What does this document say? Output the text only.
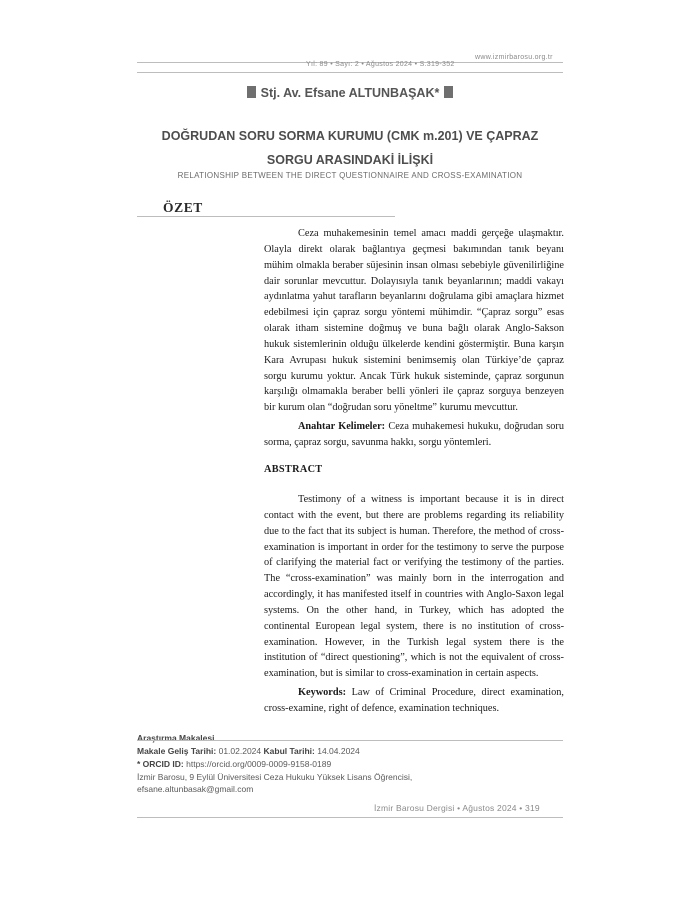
www.izmirbarosu.org.tr
Yıl: 89 • Sayı: 2 • Ağustos 2024 • S.319-352
Stj. Av. Efsane ALTUNBAŞAK*
DOĞRUDAN SORU SORMA KURUMU (CMK m.201) VE ÇAPRAZ
SORGU ARASINDAKİ İLİŞKİ
RELATIONSHIP BETWEEN THE DIRECT QUESTIONNAIRE AND CROSS-EXAMINATION
ÖZET
Ceza muhakemesinin temel amacı maddi gerçeğe ulaşmaktır. Olayla direkt olarak bağlantıya geçmesi bakımından tanık beyanı mühim olmakla beraber süjesinin insan olması sebebiyle güvenilirliğine dair sorunlar mevcuttur. Dolayısıyla tanık beyanlarının; maddi vakayı aydınlatma yahut tarafların beyanlarını doğrulama gibi amaçlara hizmet edebilmesi için çapraz sorgu yöntemi mühimdir. “Çapraz sorgu” esas olarak itham sistemine doğmuş ve buna bağlı olarak Anglo-Sakson hukuk sistemlerinin olduğu ülkelerde kendini göstermiştir. Buna karşın Kara Avrupası hukuk sistemini benimsemiş olan Türkiye’de çapraz sorgu kurumu yoktur. Ancak Türk hukuk sisteminde, çapraz sorgunun karşılığı olmamakla beraber belli yönleri ile çapraz sorguya benzeyen bir kurum olan “doğrudan soru yöneltme” kurumu mevcuttur.
Anahtar Kelimeler: Ceza muhakemesi hukuku, doğrudan soru sorma, çapraz sorgu, savunma hakkı, sorgu yöntemleri.
ABSTRACT
Testimony of a witness is important because it is in direct contact with the event, but there are problems regarding its reliability due to the fact that its subject is human. Therefore, the method of cross-examination is important in order for the testimony to serve the purpose of clarifying the material fact or verifying the testimony of the parties. The “cross-examination” was mainly born in the interrogation and accordingly, it has manifested itself in countries with Anglo-Saxon legal systems. On the other hand, in Turkey, which has adopted the continental European legal system, there is no institution of cross-examination. However, in the Turkish legal system there is the institution of “direct questioning”, which is not the equivalent of cross-examination, but is similar to cross-examination in certain aspects.
Keywords: Law of Criminal Procedure, direct examination, cross-examine, right of defence, examination techniques.
Araştırma Makalesi
Makale Geliş Tarihi: 01.02.2024 Kabul Tarihi: 14.04.2024
* ORCID ID: https://orcid.org/0009-0009-9158-0189
İzmir Barosu, 9 Eylül Üniversitesi Ceza Hukuku Yüksek Lisans Öğrencisi,
efsane.altunbasak@gmail.com
İzmir Barosu Dergisi • Ağustos 2024 • 319
